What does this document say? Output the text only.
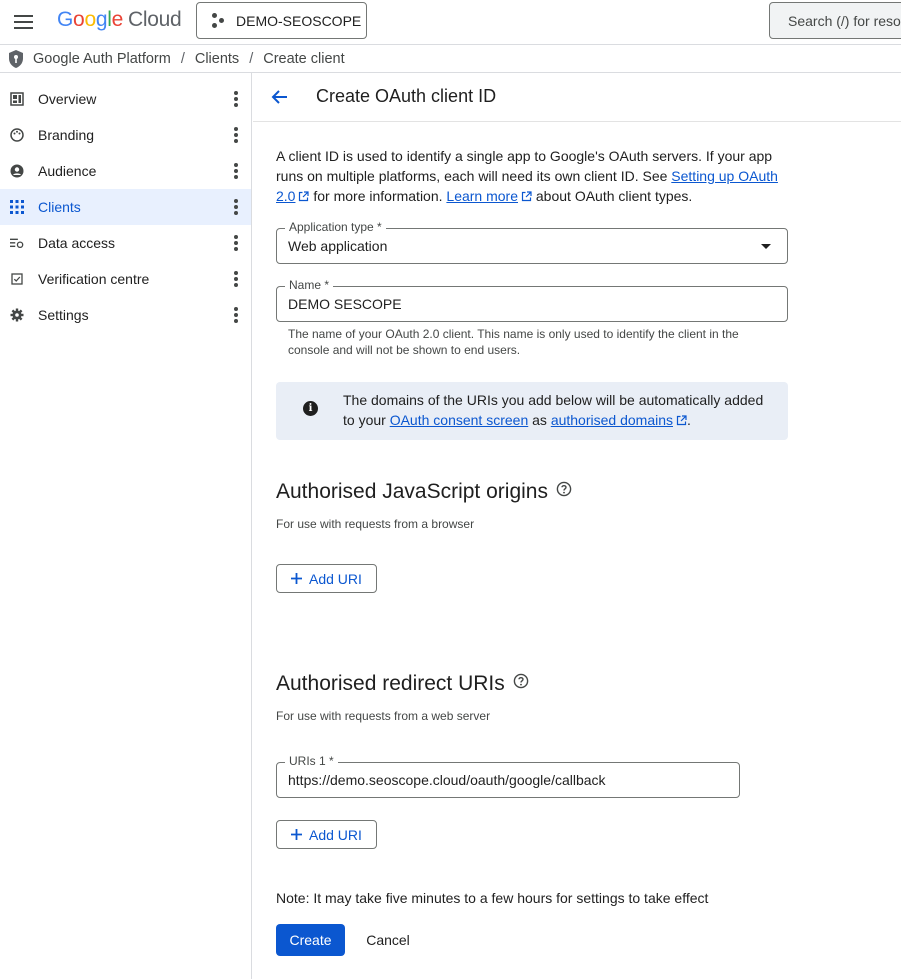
Google Cloud	DEMO-SEOSCOPE	Search (/) for reso
Google Auth Platform / Clients / Create client
Overview
Branding
Audience
Clients
Data access
Verification centre
Settings
Create OAuth client ID
A client ID is used to identify a single app to Google's OAuth servers. If your app runs on multiple platforms, each will need its own client ID. See Setting up OAuth 2.0 for more information. Learn more about OAuth client types.
Application type *
Web application
Name *
DEMO SESCOPE
The name of your OAuth 2.0 client. This name is only used to identify the client in the console and will not be shown to end users.
i
The domains of the URIs you add below will be automatically added to your OAuth consent screen as authorised domains .
Authorised JavaScript origins
For use with requests from a browser
Add URI
Authorised redirect URIs
For use with requests from a web server
URIs 1 *
https://demo.seoscope.cloud/oauth/google/callback
Add URI
Note: It may take five minutes to a few hours for settings to take effect
Create	Cancel
